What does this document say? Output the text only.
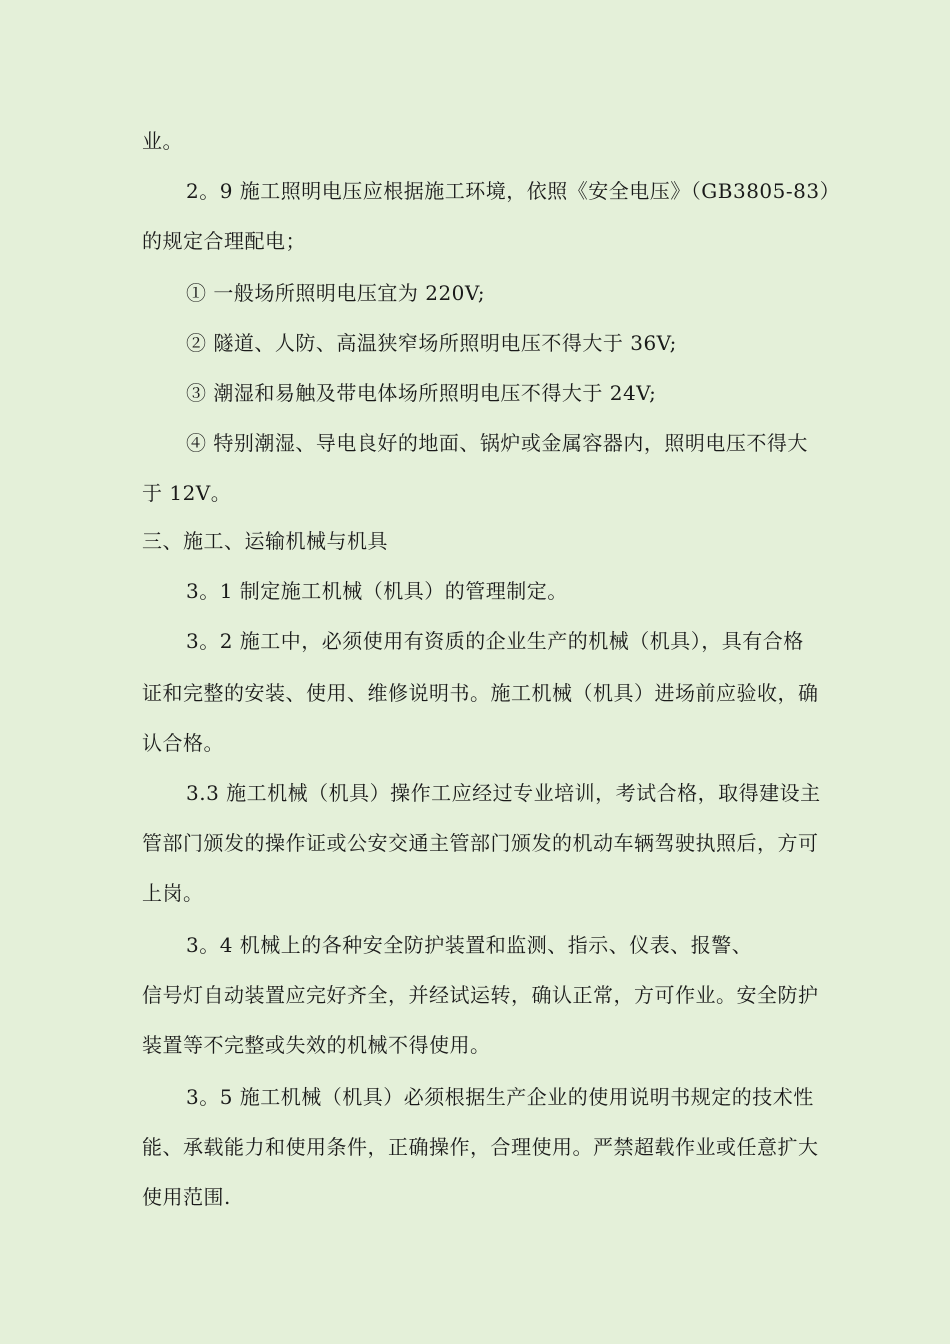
业。
2。9 施工照明电压应根据施工环境，依照《安全电压》（GB3805-83）
的规定合理配电；
① 一般场所照明电压宜为 220V;
② 隧道、人防、高温狭窄场所照明电压不得大于 36V;
③ 潮湿和易触及带电体场所照明电压不得大于 24V;
④ 特别潮湿、导电良好的地面、锅炉或金属容器内，照明电压不得大
于 12V。
三、施工、运输机械与机具
3。1 制定施工机械（机具）的管理制定。
3。2 施工中，必须使用有资质的企业生产的机械（机具），具有合格
证和完整的安装、使用、维修说明书。施工机械（机具）进场前应验收，确
认合格。
3.3 施工机械（机具）操作工应经过专业培训，考试合格，取得建设主
管部门颁发的操作证或公安交通主管部门颁发的机动车辆驾驶执照后，方可
上岗。
3。4 机械上的各种安全防护装置和监测、指示、仪表、报警、
信号灯自动装置应完好齐全，并经试运转，确认正常，方可作业。安全防护
装置等不完整或失效的机械不得使用。
3。5 施工机械（机具）必须根据生产企业的使用说明书规定的技术性
能、承载能力和使用条件，正确操作，合理使用。严禁超载作业或任意扩大
使用范围.
